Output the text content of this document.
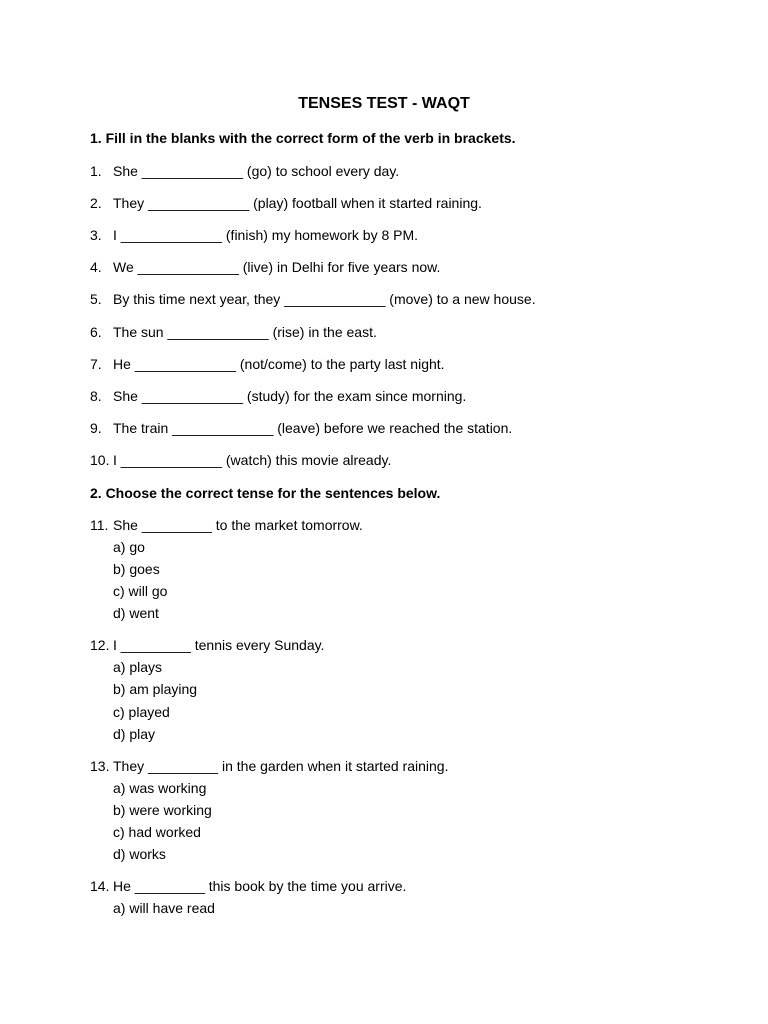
TENSES TEST - WAQT
1. Fill in the blanks with the correct form of the verb in brackets.
1. She _____________ (go) to school every day.
2. They _____________ (play) football when it started raining.
3. I _____________ (finish) my homework by 8 PM.
4. We _____________ (live) in Delhi for five years now.
5. By this time next year, they _____________ (move) to a new house.
6. The sun _____________ (rise) in the east.
7. He _____________ (not/come) to the party last night.
8. She _____________ (study) for the exam since morning.
9. The train _____________ (leave) before we reached the station.
10. I _____________ (watch) this movie already.
2. Choose the correct tense for the sentences below.
11. She _________ to the market tomorrow.
a) go
b) goes
c) will go
d) went
12. I _________ tennis every Sunday.
a) plays
b) am playing
c) played
d) play
13. They _________ in the garden when it started raining.
a) was working
b) were working
c) had worked
d) works
14. He _________ this book by the time you arrive.
a) will have read
